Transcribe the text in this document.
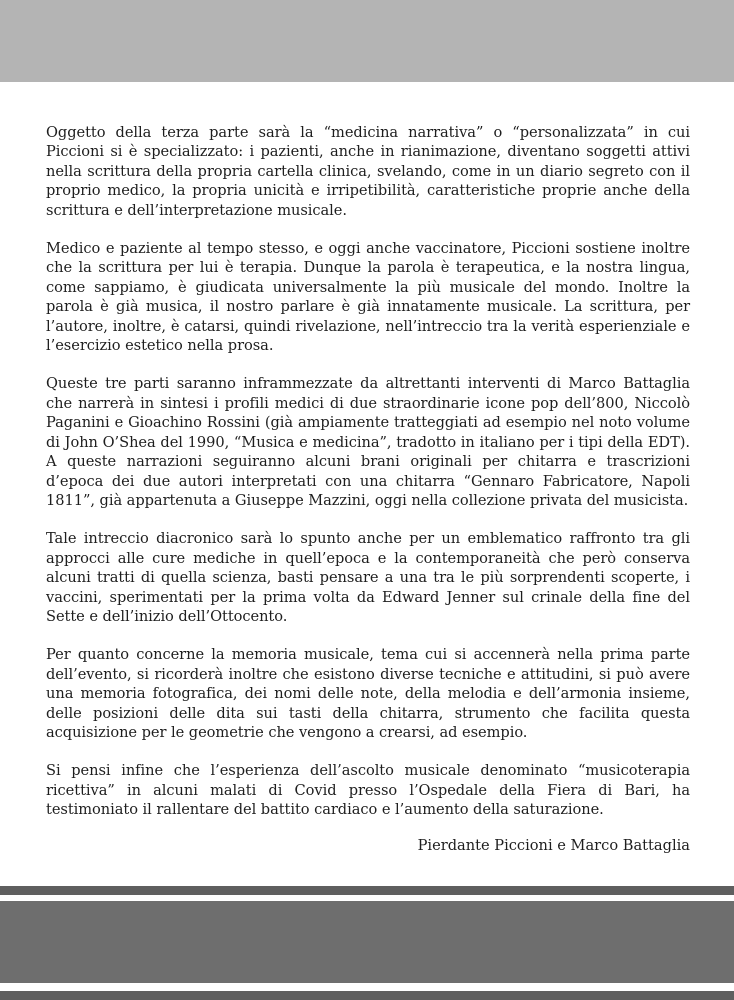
Oggetto della terza parte sarà la “medicina narrativa” o “personalizzata” in cui Piccioni si è specializzato: i pazienti, anche in rianimazione, diventano soggetti attivi nella scrittura della propria cartella clinica, svelando, come in un diario segreto con il proprio medico, la propria unicità e irripetibilità, caratteristiche proprie anche della scrittura e dell’interpretazione musicale.

Medico e paziente al tempo stesso, e oggi anche vaccinatore, Piccioni sostiene inoltre che la scrittura per lui è terapia. Dunque la parola è terapeutica, e la nostra lingua, come sappiamo, è giudicata universalmente la più musicale del mondo. Inoltre la parola è già musica, il nostro parlare è già innatamente musicale. La scrittura, per l’autore, inoltre, è catarsi, quindi rivelazione, nell’intreccio tra la verità esperienziale e l’esercizio estetico nella prosa.

Queste tre parti saranno inframmezzate da altrettanti interventi di Marco Battaglia che narrerà in sintesi i profili medici di due straordinarie icone pop dell’800, Niccolò Paganini e Gioachino Rossini (già ampiamente tratteggiati ad esempio nel noto volume di John O’Shea del 1990, “Musica e medicina”, tradotto in italiano per i tipi della EDT). A queste narrazioni seguiranno alcuni brani originali per chitarra e trascrizioni d’epoca dei due autori interpretati con una chitarra “Gennaro Fabricatore, Napoli 1811”, già appartenuta a Giuseppe Mazzini, oggi nella collezione privata del musicista.

Tale intreccio diacronico sarà lo spunto anche per un emblematico raffronto tra gli approcci alle cure mediche in quell’epoca e la contemporaneità che però conserva alcuni tratti di quella scienza, basti pensare a una tra le più sorprendenti scoperte, i vaccini, sperimentati per la prima volta da Edward Jenner sul crinale della fine del Sette e dell’inizio dell’Ottocento.

Per quanto concerne la memoria musicale, tema cui si accennerà nella prima parte dell’evento, si ricorderà inoltre che esistono diverse tecniche e attitudini, si può avere una memoria fotografica, dei nomi delle note, della melodia e dell’armonia insieme, delle posizioni delle dita sui tasti della chitarra, strumento che facilita questa acquisizione per le geometrie che vengono a crearsi, ad esempio.

Si pensi infine che l’esperienza dell’ascolto musicale denominato “musicoterapia ricettiva” in alcuni malati di Covid presso l’Ospedale della Fiera di Bari, ha testimoniato il rallentare del battito cardiaco e l’aumento della saturazione.

Pierdante Piccioni e Marco Battaglia
